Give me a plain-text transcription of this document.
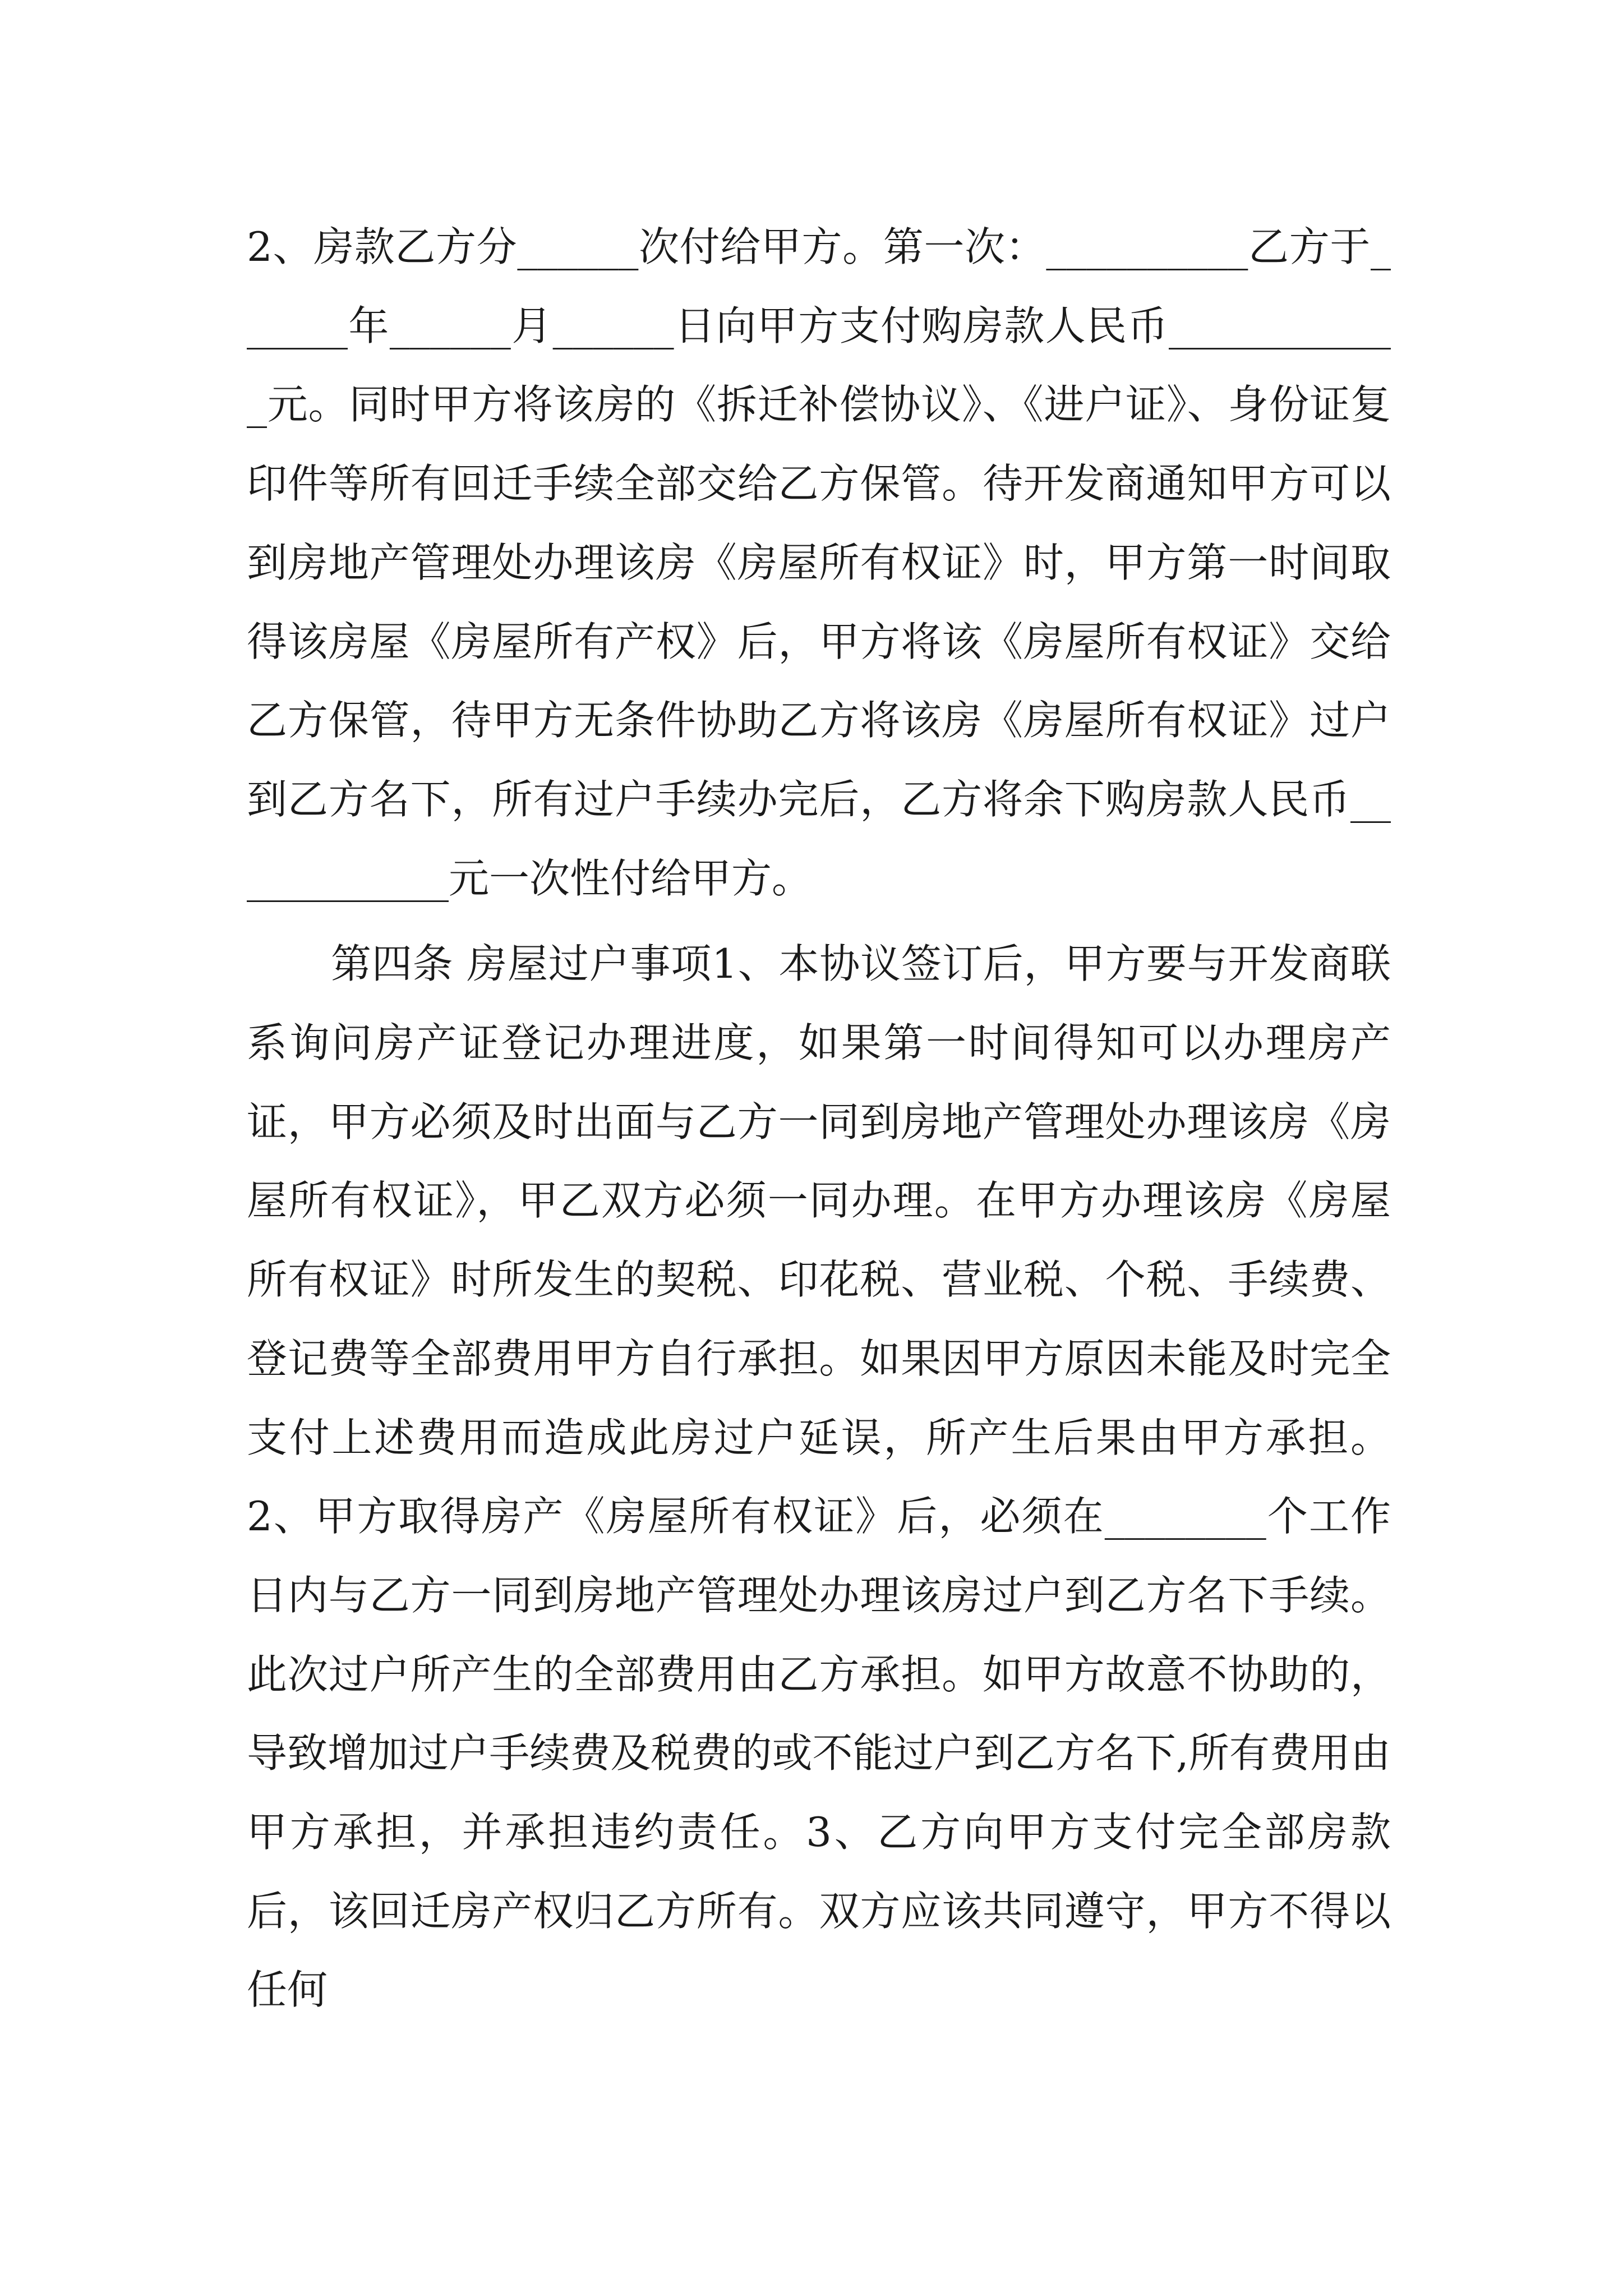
2、房款乙方分______次付给甲方。第一次：__________乙方于______年______月______日向甲方支付购房款人民币____________元。同时甲方将该房的《拆迁补偿协议》、《进户证》、身份证复印件等所有回迁手续全部交给乙方保管。待开发商通知甲方可以到房地产管理处办理该房《房屋所有权证》时，甲方第一时间取得该房屋《房屋所有产权》后，甲方将该《房屋所有权证》交给乙方保管，待甲方无条件协助乙方将该房《房屋所有权证》过户到乙方名下，所有过户手续办完后，乙方将余下购房款人民币____________元一次性付给甲方。

第四条 房屋过户事项1、本协议签订后，甲方要与开发商联系询问房产证登记办理进度，如果第一时间得知可以办理房产证，甲方必须及时出面与乙方一同到房地产管理处办理该房《房屋所有权证》，甲乙双方必须一同办理。在甲方办理该房《房屋所有权证》时所发生的契税、印花税、营业税、个税、手续费、登记费等全部费用甲方自行承担。如果因甲方原因未能及时完全支付上述费用而造成此房过户延误，所产生后果由甲方承担。2、甲方取得房产《房屋所有权证》后，必须在________个工作日内与乙方一同到房地产管理处办理该房过户到乙方名下手续。此次过户所产生的全部费用由乙方承担。如甲方故意不协助的，导致增加过户手续费及税费的或不能过户到乙方名下,所有费用由甲方承担，并承担违约责任。3、乙方向甲方支付完全部房款后，该回迁房产权归乙方所有。双方应该共同遵守，甲方不得以任何
